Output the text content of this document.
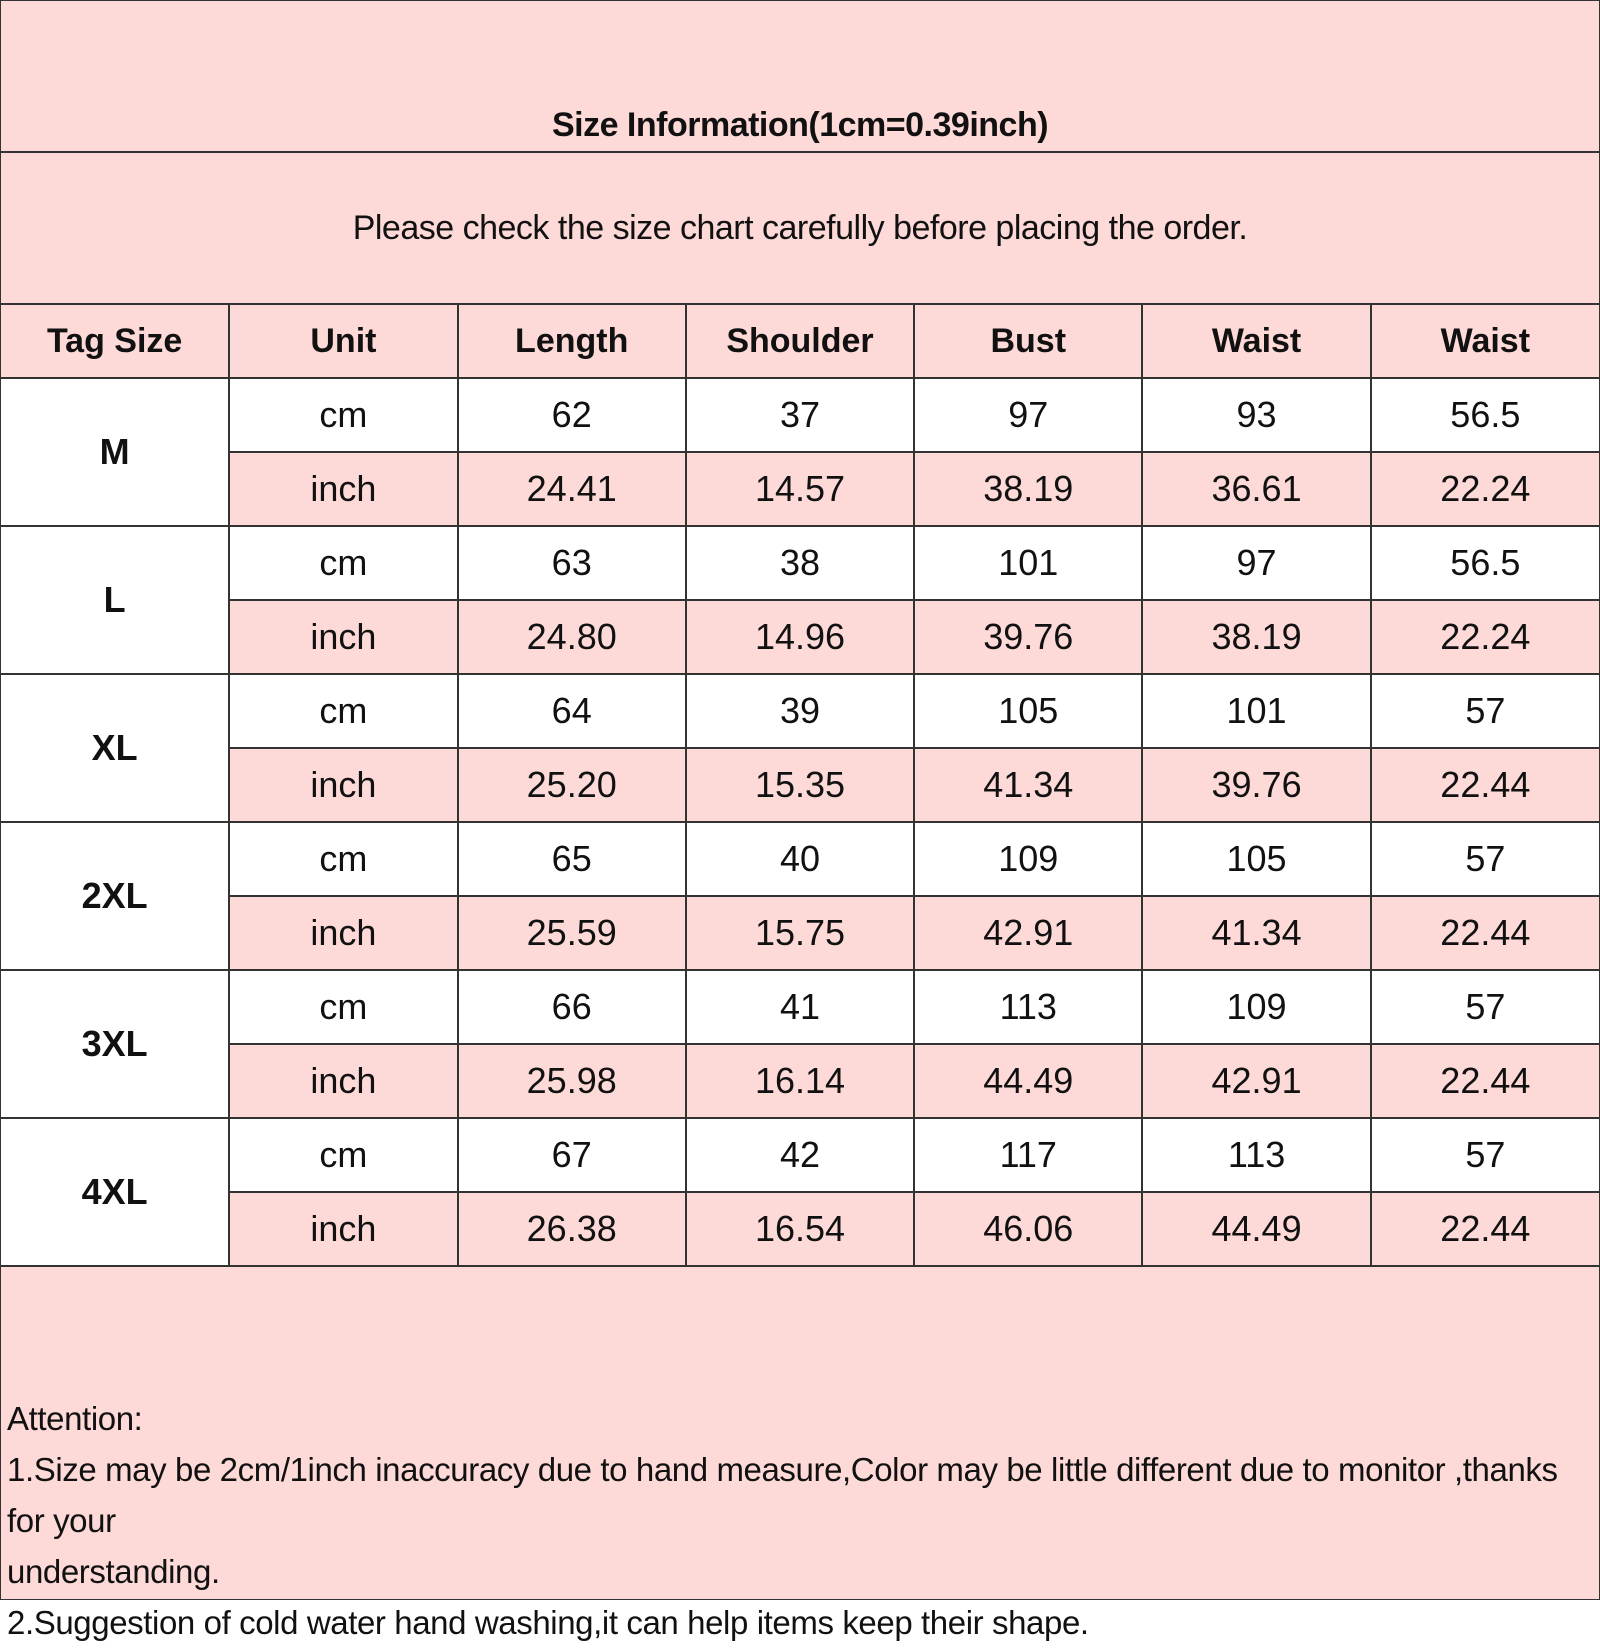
Size Information(1cm=0.39inch)
Please check the size chart carefully before placing the order.
Tag Size	Unit	Length	Shoulder	Bust	Waist	Waist
M	cm	62	37	97	93	56.5
	inch	24.41	14.57	38.19	36.61	22.24
L	cm	63	38	101	97	56.5
	inch	24.80	14.96	39.76	38.19	22.24
XL	cm	64	39	105	101	57
	inch	25.20	15.35	41.34	39.76	22.44
2XL	cm	65	40	109	105	57
	inch	25.59	15.75	42.91	41.34	22.44
3XL	cm	66	41	113	109	57
	inch	25.98	16.14	44.49	42.91	22.44
4XL	cm	67	42	117	113	57
	inch	26.38	16.54	46.06	44.49	22.44
Attention:
1.Size may be 2cm/1inch inaccuracy due to hand measure,Color may be little different due to monitor ,thanks for your
understanding.
2.Suggestion of cold water hand washing,it can help items keep their shape.
